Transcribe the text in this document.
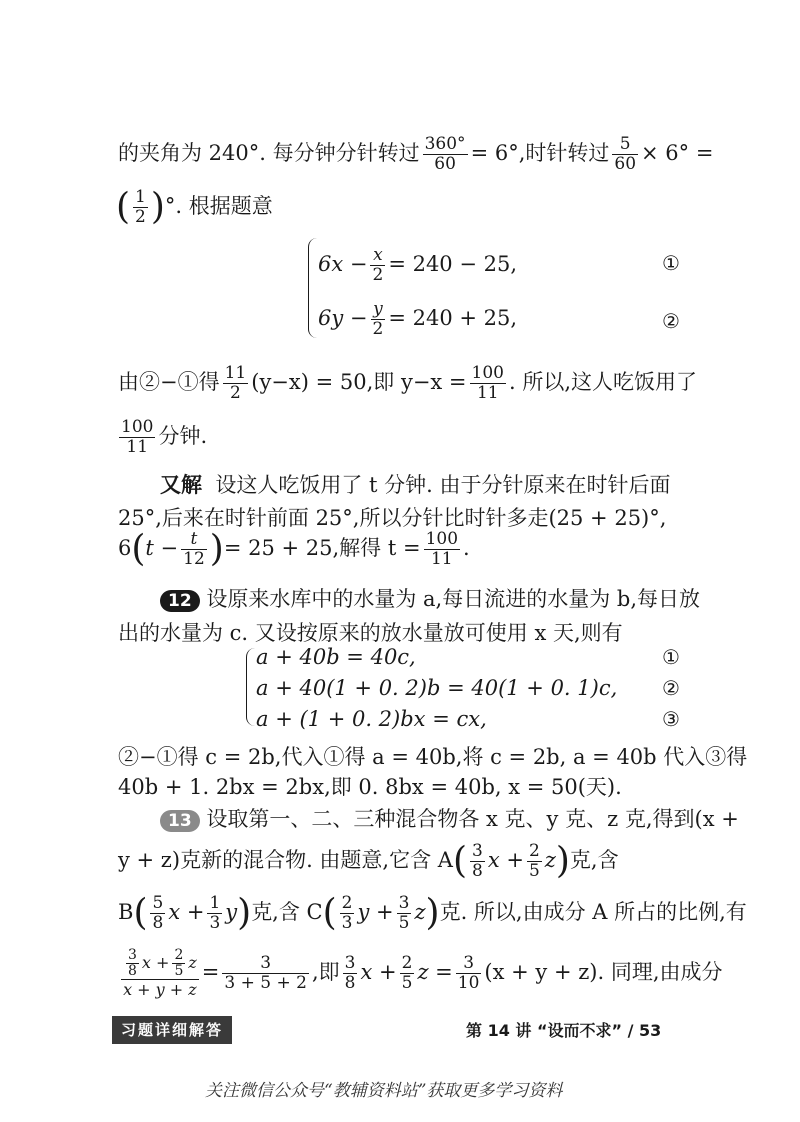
的夹角为 240°. 每分钟分针转过 $\frac{360^\circ}{60} = 6^\circ$,时针转过 $\frac{5}{60} \times 6^\circ$ =
( $\frac{1}{2}$ )°. 根据题意
$6x - \frac{x}{2} = 240 - 25$,	①
$6y - \frac{y}{2} = 240 + 25$,	②
由②−①得 $\frac{11}{2} (y-x) = 50$,即 $y-x = \frac{100}{11}$ . 所以,这人吃饭用了
$\frac{100}{11}$ 分钟.
又解 设这人吃饭用了 t 分钟. 由于分针原来在时针后面
25°,后来在时针前面 25°,所以分针比时针多走(25 + 25)°,
$6(t - \frac{t}{12}$ )= 25 + 25,解得 $t = \frac{100}{11}$ .
12 设原来水库中的水量为 a,每日流进的水量为 b,每日放
出的水量为 c. 又设按原来的放水量放可使用 x 天,则有
a + 40b = 40c,	①
a + 40(1 + 0. 2)b = 40(1 + 0. 1)c, ②
a + (1 + 0. 2)bx = cx,	③
②−①得 c = 2b,代入①得 a = 40b,将 c = 2b, a = 40b 代入③得
40b + 1. 2bx = 2bx,即 0. 8bx = 40b, x = 50(天).
13 设取第一、二、三种混合物各 x 克、y 克、z 克,得到(x +
y + z)克新的混合物. 由题意,它含 $A( \frac{3}{8}$ $x + \frac{2}{5} z$)克,含
$B( \frac{5}{8}$ $x + \frac{1}{3} y$)克,含 $C( \frac{2}{3}$ $y + \frac{3}{5} z$)克. 所以,由成分 A 所占的比例,有
$\frac{\frac{3}{8} x + \frac{2}{5} z}{x + y + z} = \frac{3}{3 + 5 + 2}$ ,即 $\frac{3}{8}$ $x + \frac{2}{5}$ $z = \frac{3}{10} (x + y + z)$. 同理,由成分
习题详细解答	第 14 讲 “设而不求” / 53
关注微信公众号“教辅资料站”获取更多学习资料
